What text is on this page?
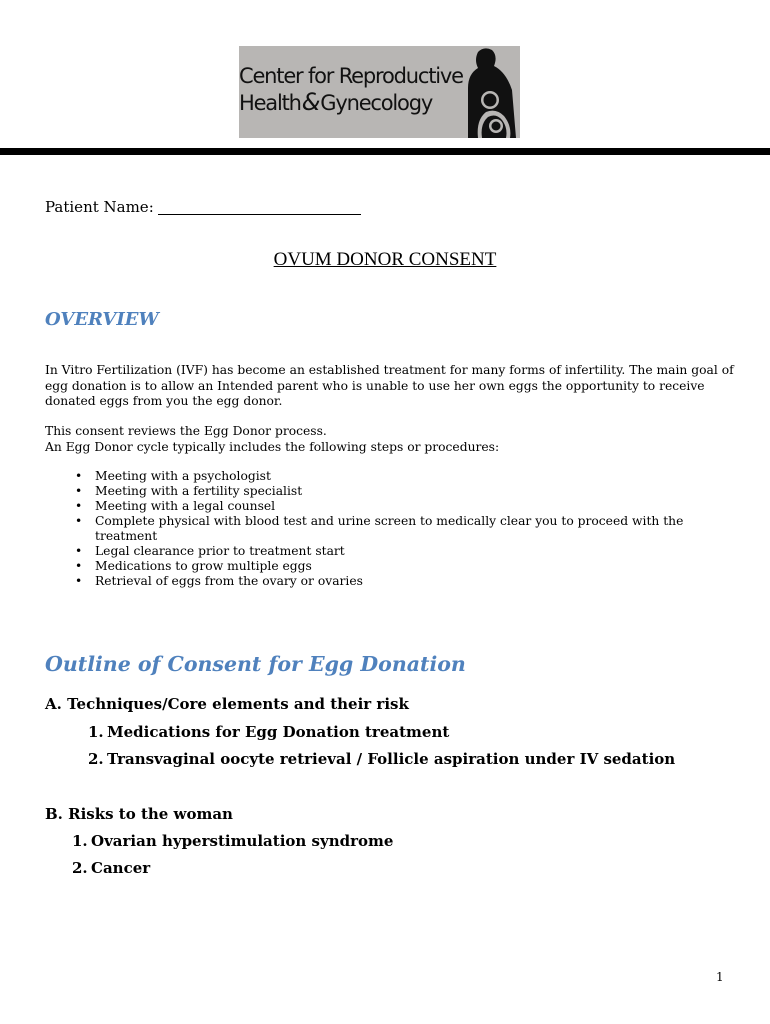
Center for Reproductive
Health&Gynecology
Patient Name:
OVUM DONOR CONSENT
OVERVIEW

In Vitro Fertilization (IVF) has become an established treatment for many forms of infertility. The main goal of egg donation is to allow an Intended parent who is unable to use her own eggs the opportunity to receive donated eggs from you the egg donor.

This consent reviews the Egg Donor process.

An Egg Donor cycle typically includes the following steps or procedures:

• Meeting with a psychologist
• Meeting with a fertility specialist
• Meeting with a legal counsel
• Complete physical with blood test and urine screen to medically clear you to proceed with the treatment
• Legal clearance prior to treatment start
• Medications to grow multiple eggs
• Retrieval of eggs from the ovary or ovaries
Outline of Consent for Egg Donation
A. Techniques/Core elements and their risk
1. Medications for Egg Donation treatment
2. Transvaginal oocyte retrieval / Follicle aspiration under IV sedation
B. Risks to the woman
1. Ovarian hyperstimulation syndrome
2. Cancer
1
